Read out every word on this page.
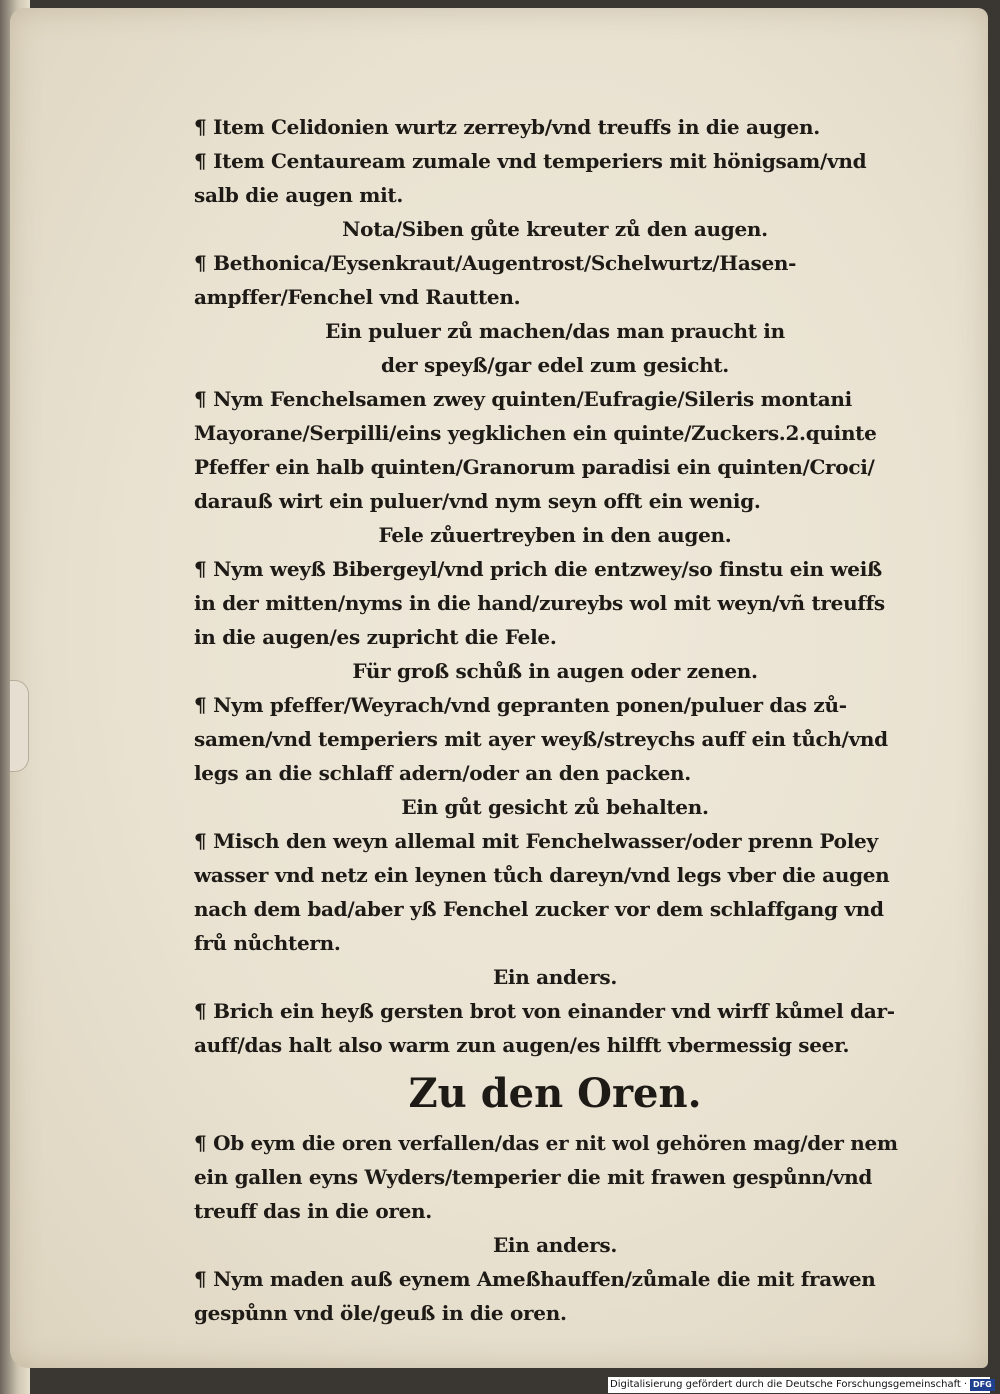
¶ Item Celidonien wurtz zerreyb/vnd treuffs in die augen.
¶ Item Centauream zumale vnd temperiers mit hönigsam/vnd
salb die augen mit.
Nota/Siben gůte kreuter zů den augen.
¶ Bethonica/Eysenkraut/Augentrost/Schelwurtz/Hasen-
ampffer/Fenchel vnd Rautten.
Ein puluer zů machen/das man praucht in
der speyß/gar edel zum gesicht.
¶ Nym Fenchelsamen zwey quinten/Eufragie/Sileris montani
Mayorane/Serpilli/eins yegklichen ein quinte/Zuckers.2.quinte
Pfeffer ein halb quinten/Granorum paradisi ein quinten/Croci/
darauß wirt ein puluer/vnd nym seyn offt ein wenig.
Fele zůuertreyben in den augen.
¶ Nym weyß Bibergeyl/vnd prich die entzwey/so finstu ein weiß
in der mitten/nyms in die hand/zureybs wol mit weyn/vñ treuffs
in die augen/es zupricht die Fele.
Für groß schůß in augen oder zenen.
¶ Nym pfeffer/Weyrach/vnd gepranten ponen/puluer das zů-
samen/vnd temperiers mit ayer weyß/streychs auff ein tůch/vnd
legs an die schlaff adern/oder an den packen.
Ein gůt gesicht zů behalten.
¶ Misch den weyn allemal mit Fenchelwasser/oder prenn Poley
wasser vnd netz ein leynen tůch dareyn/vnd legs vber die augen
nach dem bad/aber yß Fenchel zucker vor dem schlaffgang vnd
frů nůchtern.
Ein anders.
¶ Brich ein heyß gersten brot von einander vnd wirff kůmel dar-
auff/das halt also warm zun augen/es hilfft vbermessig seer.
Zu den Oren.
¶ Ob eym die oren verfallen/das er nit wol gehören mag/der nem
ein gallen eyns Wyders/temperier die mit frawen gespůnn/vnd
treuff das in die oren.
Ein anders.
¶ Nym maden auß eynem Ameßhauffen/zůmale die mit frawen
gespůnn vnd öle/geuß in die oren.
Digitalisierung gefördert durch die Deutsche Forschungsgemeinschaft · DFG
